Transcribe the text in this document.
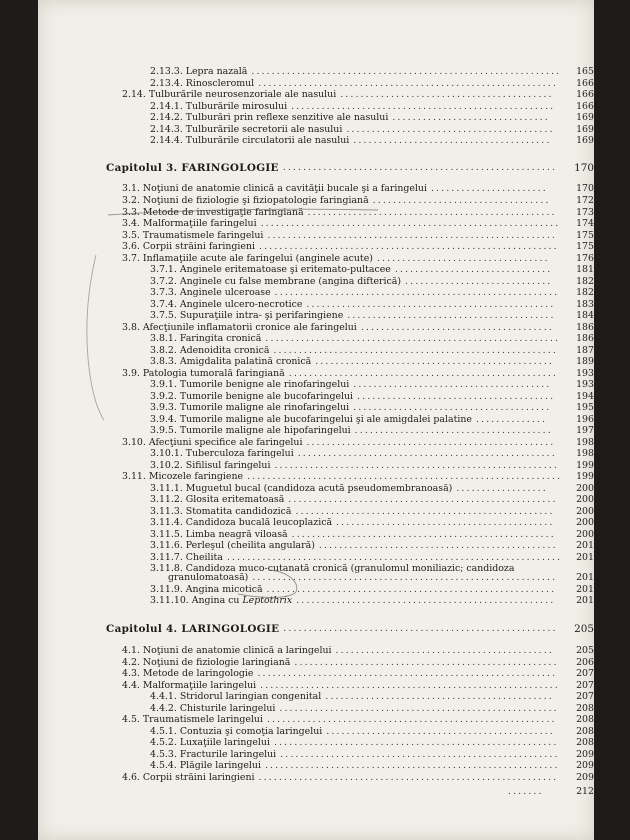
2.13.3. Lepra nazală .............................................................	165
2.13.4. Rinoscleromul ...........................................................	166
2.14. Tulburările neurosenzoriale ale nasului ..........................................	166
2.14.1. Tulburările mirosului ....................................................	166
2.14.2. Tulburări prin reflexe senzitive ale nasului ...............................	169
2.14.3. Tulburările secretorii ale nasului .........................................	169
2.14.4. Tulburările circulatorii ale nasului .......................................	169
Capitolul 3. FARINGOLOGIE ......................................................	170
3.1. Noţiuni de anatomie clinică a cavităţii bucale şi a faringelui .......................	170
3.2. Noţiuni de fiziologie şi fiziopatologie faringiană ...................................	172
3.3. Metode de investigaţie faringiană .................................................	173
3.4. Malformaţiile faringelui ...........................................................	174
3.5. Traumatismele faringelui .........................................................	175
3.6. Corpii străini faringieni ...........................................................	175
3.7. Inflamaţiile acute ale faringelui (anginele acute) ..................................	176
3.7.1. Anginele eritematoase şi eritemato-pultacee ...............................	181
3.7.2. Anginele cu false membrane (angina difterică) .............................	182
3.7.3. Anginele ulceroase ........................................................	182
3.7.4. Anginele ulcero-necrotice .................................................	183
3.7.5. Supuraţiile intra- şi perifaringiene .........................................	184
3.8. Afecţiunile inflamatorii cronice ale faringelui ......................................	186
3.8.1. Faringita cronică ..........................................................	186
3.8.2. Adenoidita cronică ........................................................	187
3.8.3. Amigdalita palatină cronică ...............................................	189
3.9. Patologia tumorală faringiană .....................................................	193
3.9.1. Tumorile benigne ale rinofaringelui .......................................	193
3.9.2. Tumorile benigne ale bucofaringelui .......................................	194
3.9.3. Tumorile maligne ale rinofaringelui .......................................	195
3.9.4. Tumorile maligne ale bucofaringelui şi ale amigdalei palatine ..............	196
3.9.5. Tumorile maligne ale hipofaringelui .......................................	197
3.10. Afecţiuni specifice ale faringelui .................................................	198
3.10.1. Tuberculoza faringelui ...................................................	198
3.10.2. Sifilisul faringelui ........................................................	199
3.11. Micozele faringiene ..............................................................	199
3.11.1. Muguetul bucal (candidoza acută pseudomembranoasă) ..................	200
3.11.2. Glosita eritematoasă .....................................................	200
3.11.3. Stomatita candidozică ...................................................	200
3.11.4. Candidoza bucală leucoplazică ...........................................	200
3.11.5. Limba neagră viloasă ....................................................	200
3.11.6. Perleşul (cheilita angulară) ...............................................	201
3.11.7. Cheilita ..................................................................	201
3.11.8. Candidoza muco-cutanată cronică (granulomul moniliazic; candidoza
granulomatoasă) ............................................................	201
3.11.9. Angina micotică .........................................................	201
3.11.10. Angina cu Leptothrix ...................................................	201
Capitolul 4. LARINGOLOGIE ......................................................	205
4.1. Noţiuni de anatomie clinică a laringelui ...........................................	205
4.2. Noţiuni de fiziologie laringiană ....................................................	206
4.3. Metode de laringologie ...........................................................	207
4.4. Malformaţiile laringelui ...........................................................	207
4.4.1. Stridorul laringian congenital .............................................	207
4.4.2. Chisturile laringelui .......................................................	208
4.5. Traumatismele laringelui .........................................................	208
4.5.1. Contuzia şi comoţia laringelui .............................................	208
4.5.2. Luxaţiile laringelui ........................................................	208
4.5.3. Fracturile laringelui .......................................................	209
4.5.4. Plăgile laringelui ..........................................................	209
4.6. Corpii străini laringieni ...........................................................	209
.......	212
